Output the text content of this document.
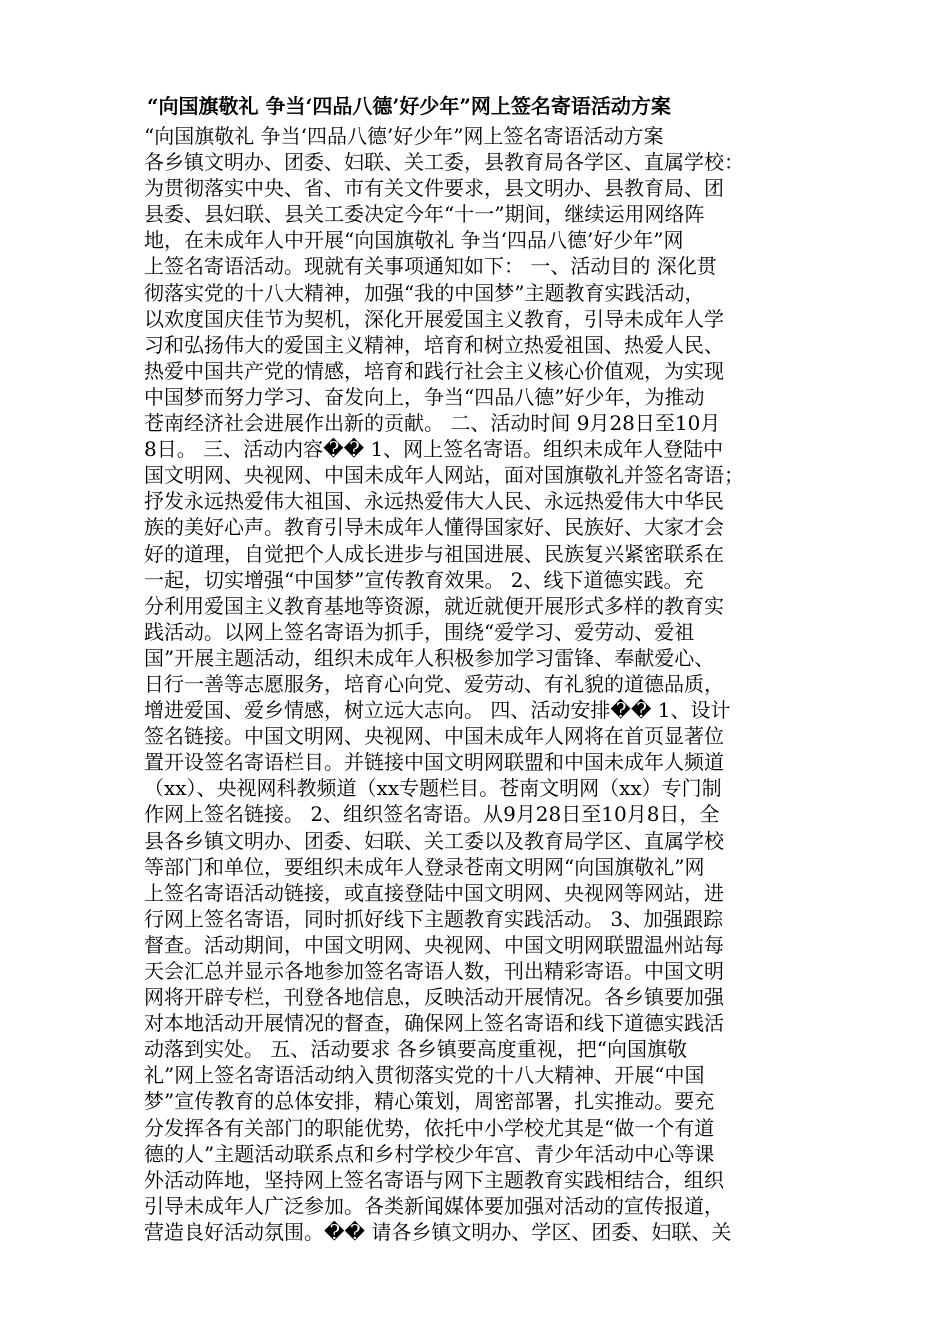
“向国旗敬礼 争当‘四品八德’好少年”网上签名寄语活动方案
“向国旗敬礼 争当‘四品八德’好少年”网上签名寄语活动方案
各乡镇文明办、团委、妇联、关工委，县教育局各学区、直属学校：
为贯彻落实中央、省、市有关文件要求，县文明办、县教育局、团
县委、县妇联、县关工委决定今年“十一”期间，继续运用网络阵
地，在未成年人中开展“向国旗敬礼 争当‘四品八德’好少年”网
上签名寄语活动。现就有关事项通知如下： 一、活动目的 深化贯
彻落实党的十八大精神，加强“我的中国梦”主题教育实践活动，
以欢度国庆佳节为契机，深化开展爱国主义教育，引导未成年人学
习和弘扬伟大的爱国主义精神，培育和树立热爱祖国、热爱人民、
热爱中国共产党的情感，培育和践行社会主义核心价值观，为实现
中国梦而努力学习、奋发向上，争当“四品八德”好少年，为推动
苍南经济社会进展作出新的贡献。 二、活动时间 9月28日至10月
8日。 三、活动内容�� 1、网上签名寄语。组织未成年人登陆中
国文明网、央视网、中国未成年人网站，面对国旗敬礼并签名寄语；
抒发永远热爱伟大祖国、永远热爱伟大人民、永远热爱伟大中华民
族的美好心声。教育引导未成年人懂得国家好、民族好、大家才会
好的道理，自觉把个人成长进步与祖国进展、民族复兴紧密联系在
一起，切实增强“中国梦”宣传教育效果。 2、线下道德实践。充
分利用爱国主义教育基地等资源，就近就便开展形式多样的教育实
践活动。以网上签名寄语为抓手，围绕“爱学习、爱劳动、爱祖
国”开展主题活动，组织未成年人积极参加学习雷锋、奉献爱心、
日行一善等志愿服务，培育心向党、爱劳动、有礼貌的道德品质，
增进爱国、爱乡情感，树立远大志向。 四、活动安排�� 1、设计
签名链接。中国文明网、央视网、中国未成年人网将在首页显著位
置开设签名寄语栏目。并链接中国文明网联盟和中国未成年人频道
（xx）、央视网科教频道（xx专题栏目。苍南文明网（xx）专门制
作网上签名链接。 2、组织签名寄语。从9月28日至10月8日，全
县各乡镇文明办、团委、妇联、关工委以及教育局学区、直属学校
等部门和单位，要组织未成年人登录苍南文明网“向国旗敬礼”网
上签名寄语活动链接，或直接登陆中国文明网、央视网等网站，进
行网上签名寄语，同时抓好线下主题教育实践活动。 3、加强跟踪
督查。活动期间，中国文明网、央视网、中国文明网联盟温州站每
天会汇总并显示各地参加签名寄语人数，刊出精彩寄语。中国文明
网将开辟专栏，刊登各地信息，反映活动开展情况。各乡镇要加强
对本地活动开展情况的督查，确保网上签名寄语和线下道德实践活
动落到实处。 五、活动要求 各乡镇要高度重视，把“向国旗敬
礼”网上签名寄语活动纳入贯彻落实党的十八大精神、开展“中国
梦”宣传教育的总体安排，精心策划，周密部署，扎实推动。要充
分发挥各有关部门的职能优势，依托中小学校尤其是“做一个有道
德的人”主题活动联系点和乡村学校少年宫、青少年活动中心等课
外活动阵地，坚持网上签名寄语与网下主题教育实践相结合，组织
引导未成年人广泛参加。各类新闻媒体要加强对活动的宣传报道，
营造良好活动氛围。�� 请各乡镇文明办、学区、团委、妇联、关
